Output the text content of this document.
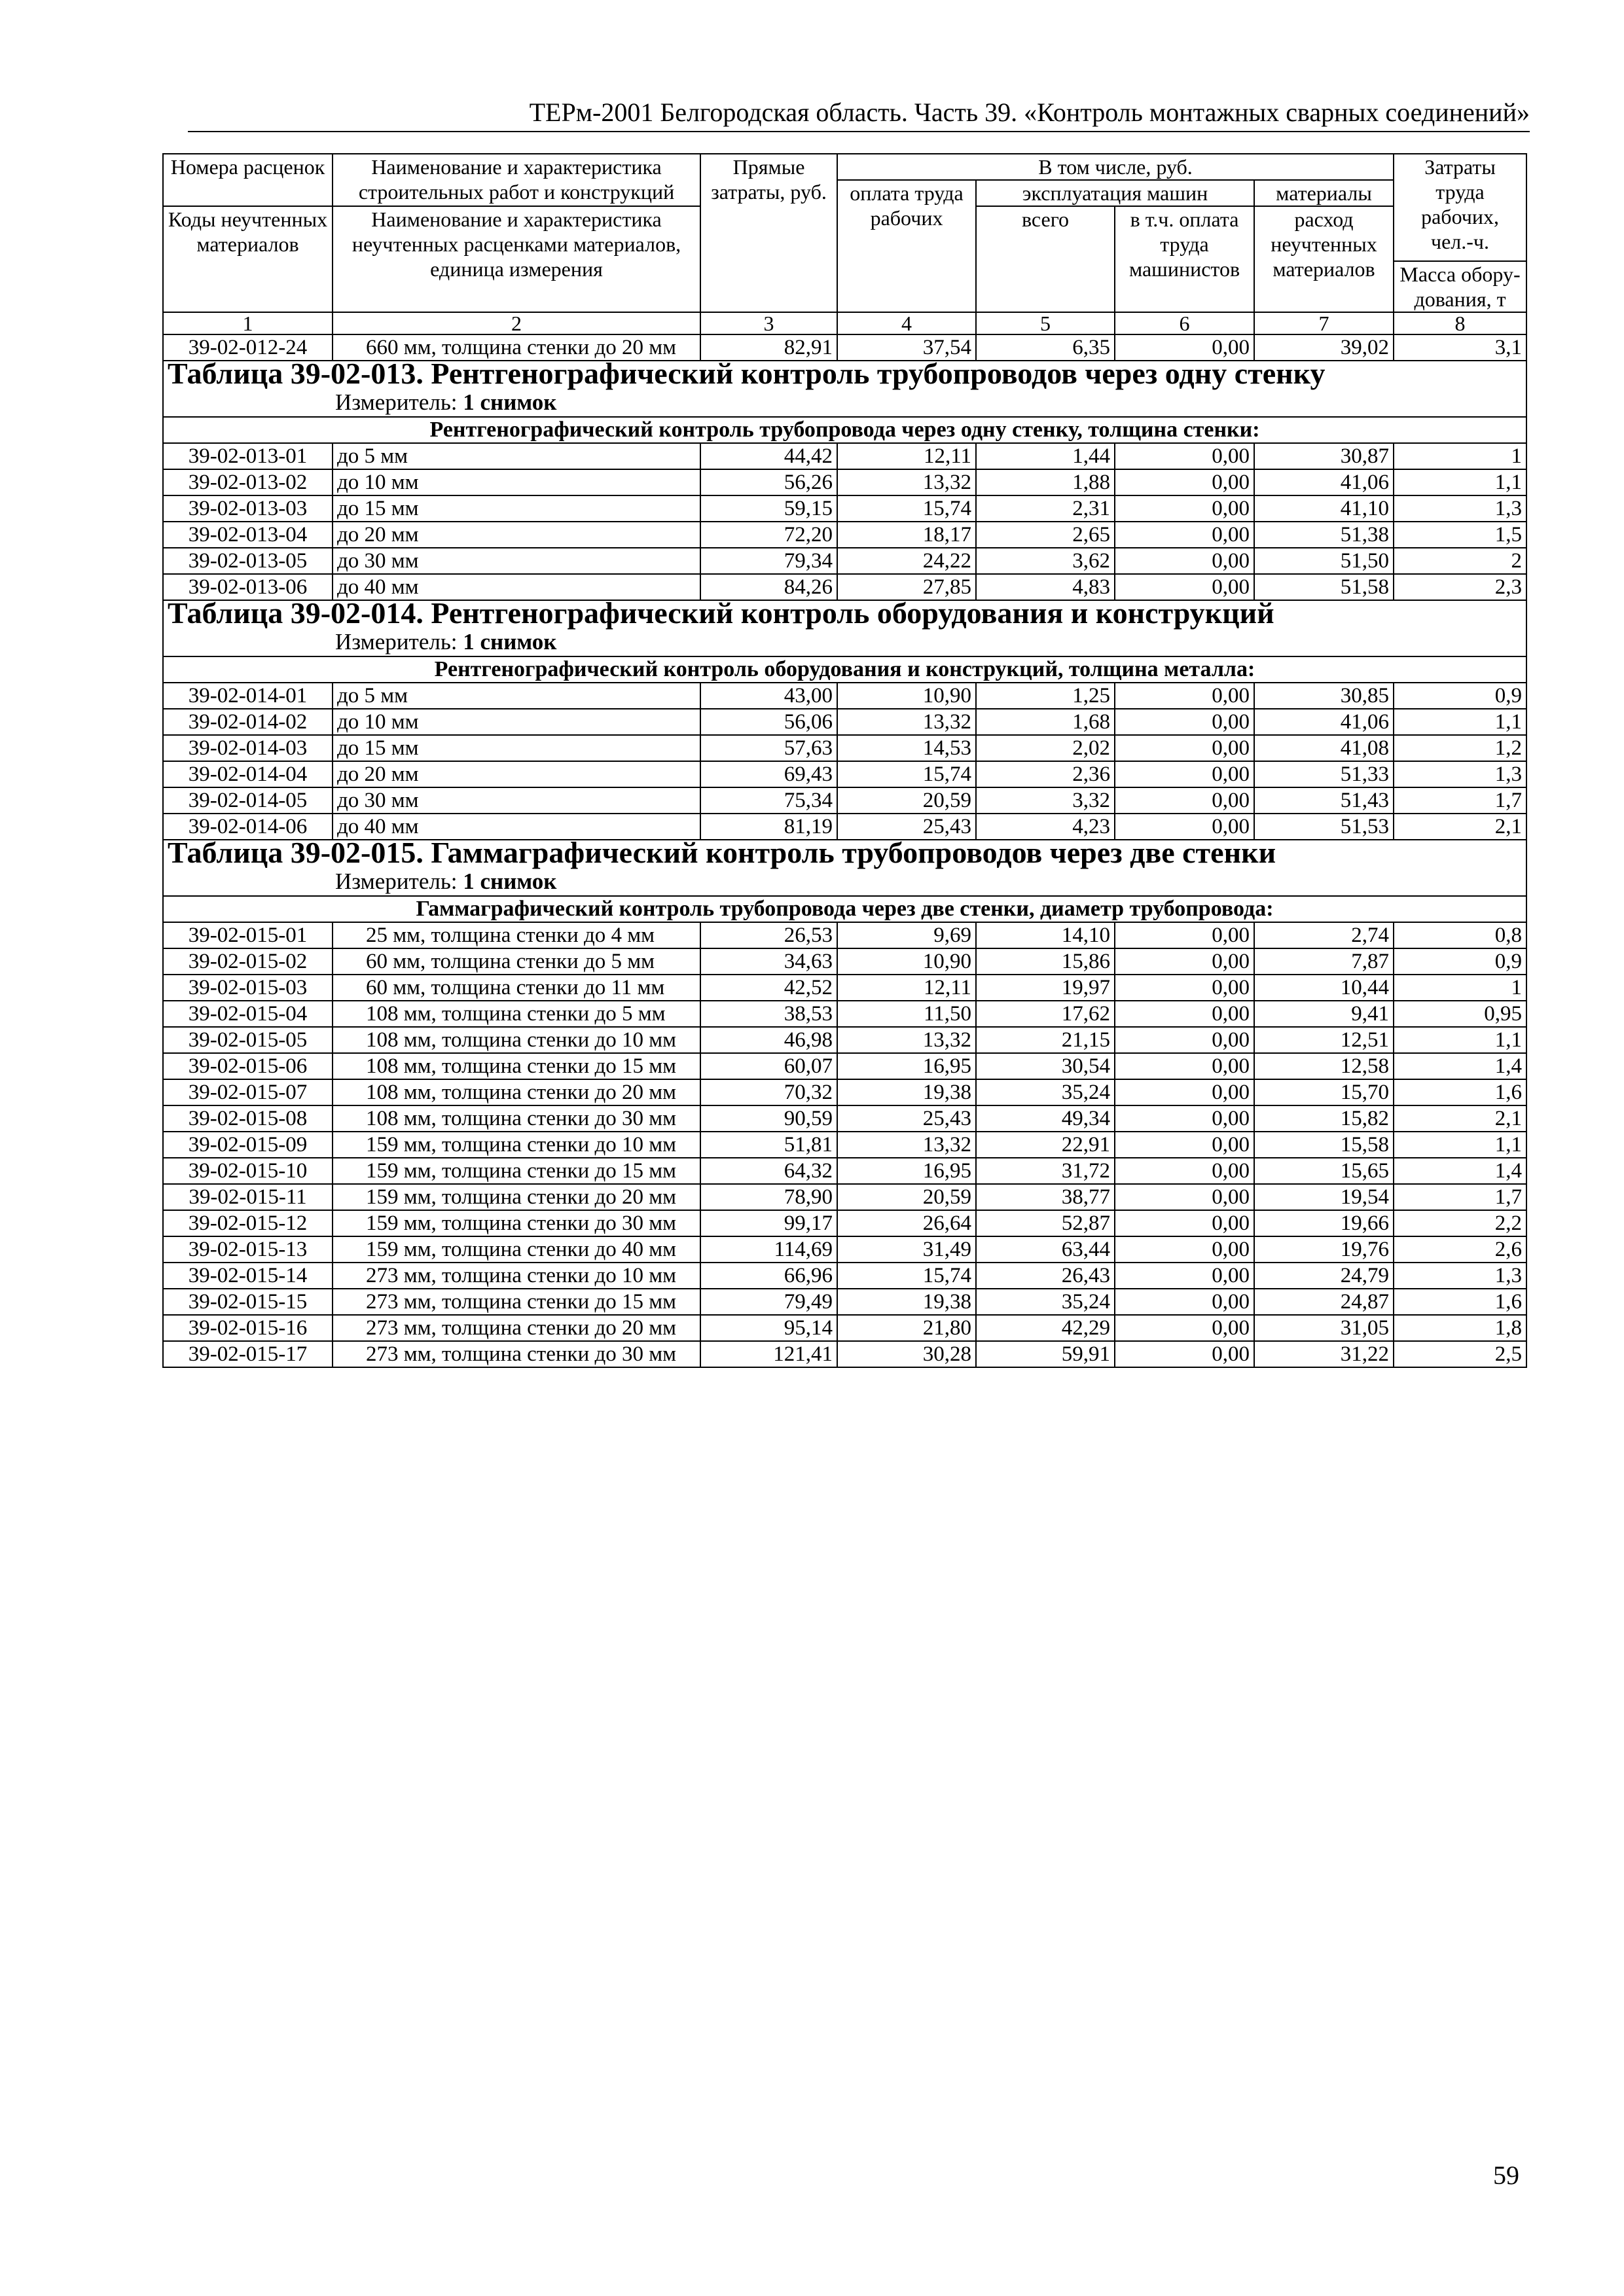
ТЕРм-2001 Белгородская область. Часть 39. «Контроль монтажных сварных соединений»
Номера расценок	Наименование и характеристика строительных работ и конструкций	Прямые затраты, руб.	В том числе, руб.				Затраты труда рабочих, чел.-ч.
			оплата труда рабочих	эксплуатация машин		материалы	
Коды неучтенных материалов	Наименование и характеристика неучтенных расценками материалов, единица измерения			всего	в т.ч. оплата труда машинистов	расход неучтенных материалов	
							Масса обору-дования, т
1	2	3	4	5	6	7	8
39-02-012-24	660 мм, толщина стенки до 20 мм	82,91	37,54	6,35	0,00	39,02	3,1
Таблица 39-02-013. Рентгенографический контроль трубопроводов через одну стенку
Измеритель: 1 снимок							

Рентгенографический контроль трубопровода через одну стенку, толщина стенки:							
39-02-013-01	до 5 мм	44,42	12,11	1,44	0,00	30,87	1
39-02-013-02	до 10 мм	56,26	13,32	1,88	0,00	41,06	1,1
39-02-013-03	до 15 мм	59,15	15,74	2,31	0,00	41,10	1,3
39-02-013-04	до 20 мм	72,20	18,17	2,65	0,00	51,38	1,5
39-02-013-05	до 30 мм	79,34	24,22	3,62	0,00	51,50	2
39-02-013-06	до 40 мм	84,26	27,85	4,83	0,00	51,58	2,3

Таблица 39-02-014. Рентгенографический контроль оборудования и конструкций
Измеритель: 1 снимок							

Рентгенографический контроль оборудования и конструкций, толщина металла:							
39-02-014-01	до 5 мм	43,00	10,90	1,25	0,00	30,85	0,9
39-02-014-02	до 10 мм	56,06	13,32	1,68	0,00	41,06	1,1
39-02-014-03	до 15 мм	57,63	14,53	2,02	0,00	41,08	1,2
39-02-014-04	до 20 мм	69,43	15,74	2,36	0,00	51,33	1,3
39-02-014-05	до 30 мм	75,34	20,59	3,32	0,00	51,43	1,7
39-02-014-06	до 40 мм	81,19	25,43	4,23	0,00	51,53	2,1

Таблица 39-02-015. Гаммаграфический контроль трубопроводов через две стенки
Измеритель: 1 снимок							

Гаммаграфический контроль трубопровода через две стенки, диаметр трубопровода:							
39-02-015-01	25 мм, толщина стенки до 4 мм	26,53	9,69	14,10	0,00	2,74	0,8
39-02-015-02	60 мм, толщина стенки до 5 мм	34,63	10,90	15,86	0,00	7,87	0,9
39-02-015-03	60 мм, толщина стенки до 11 мм	42,52	12,11	19,97	0,00	10,44	1
39-02-015-04	108 мм, толщина стенки до 5 мм	38,53	11,50	17,62	0,00	9,41	0,95
39-02-015-05	108 мм, толщина стенки до 10 мм	46,98	13,32	21,15	0,00	12,51	1,1
39-02-015-06	108 мм, толщина стенки до 15 мм	60,07	16,95	30,54	0,00	12,58	1,4
39-02-015-07	108 мм, толщина стенки до 20 мм	70,32	19,38	35,24	0,00	15,70	1,6
39-02-015-08	108 мм, толщина стенки до 30 мм	90,59	25,43	49,34	0,00	15,82	2,1
39-02-015-09	159 мм, толщина стенки до 10 мм	51,81	13,32	22,91	0,00	15,58	1,1
39-02-015-10	159 мм, толщина стенки до 15 мм	64,32	16,95	31,72	0,00	15,65	1,4
39-02-015-11	159 мм, толщина стенки до 20 мм	78,90	20,59	38,77	0,00	19,54	1,7
39-02-015-12	159 мм, толщина стенки до 30 мм	99,17	26,64	52,87	0,00	19,66	2,2
39-02-015-13	159 мм, толщина стенки до 40 мм	114,69	31,49	63,44	0,00	19,76	2,6
39-02-015-14	273 мм, толщина стенки до 10 мм	66,96	15,74	26,43	0,00	24,79	1,3
39-02-015-15	273 мм, толщина стенки до 15 мм	79,49	19,38	35,24	0,00	24,87	1,6
39-02-015-16	273 мм, толщина стенки до 20 мм	95,14	21,80	42,29	0,00	31,05	1,8
39-02-015-17	273 мм, толщина стенки до 30 мм	121,41	30,28	59,91	0,00	31,22	2,5

59
